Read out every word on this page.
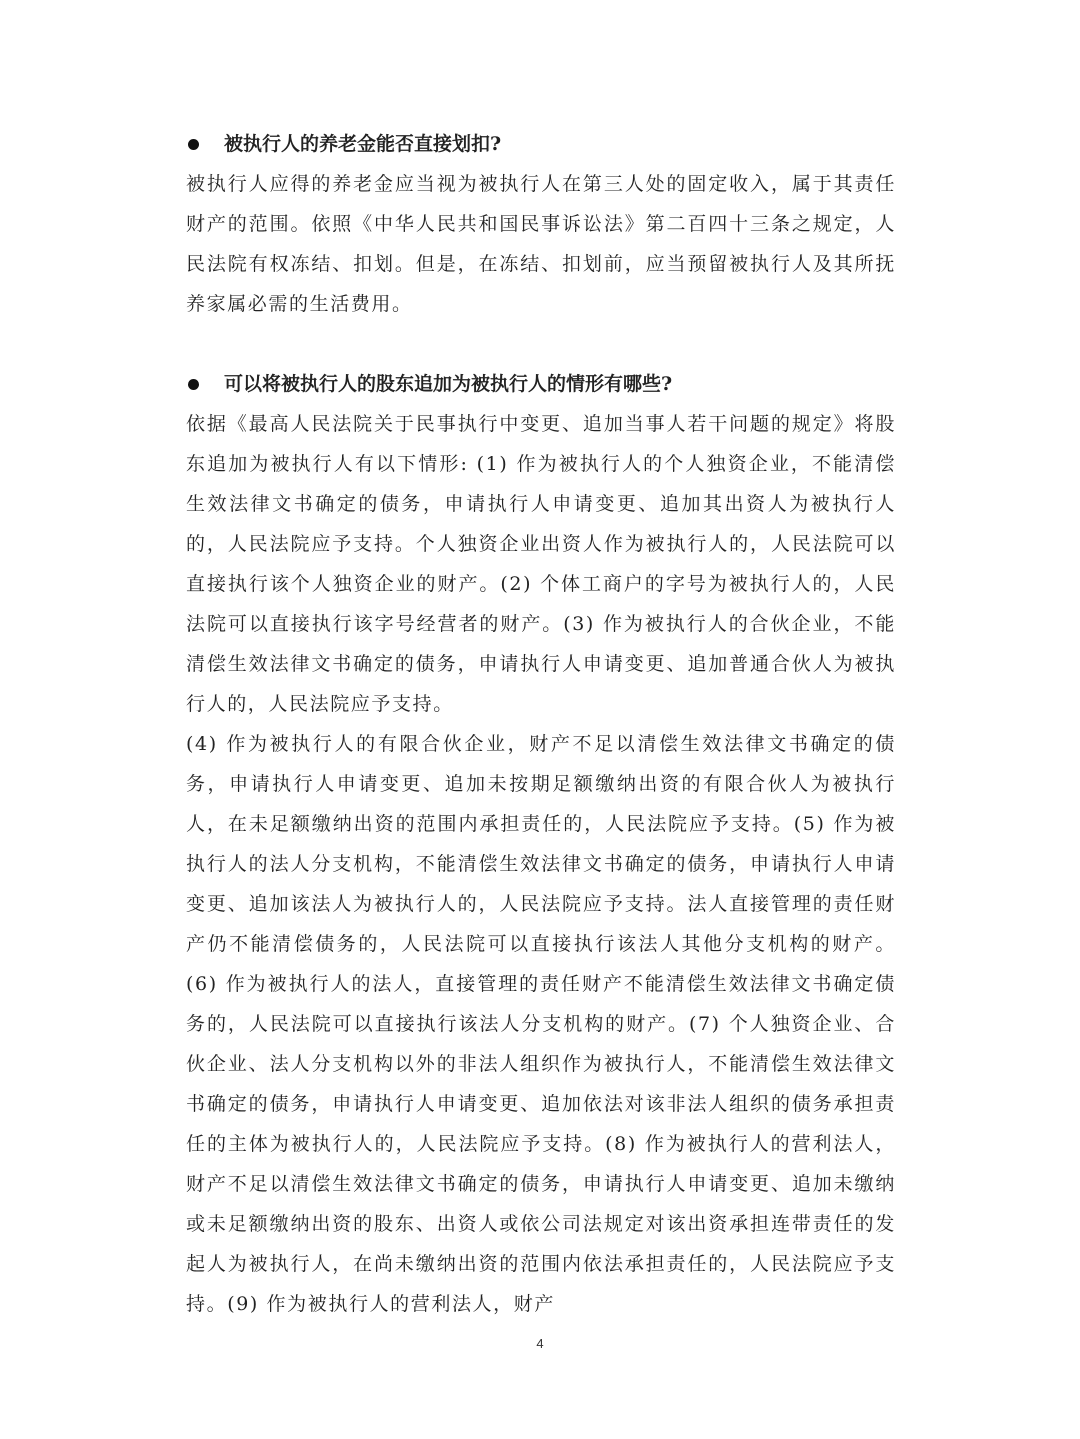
被执行人的养老金能否直接划扣?

被执行人应得的养老金应当视为被执行人在第三人处的固定收入，属于其责任财产的范围。依照《中华人民共和国民事诉讼法》第二百四十三条之规定，人民法院有权冻结、扣划。但是，在冻结、扣划前，应当预留被执行人及其所抚养家属必需的生活费用。

可以将被执行人的股东追加为被执行人的情形有哪些?

依据《最高人民法院关于民事执行中变更、追加当事人若干问题的规定》将股东追加为被执行人有以下情形: (1) 作为被执行人的个人独资企业，不能清偿生效法律文书确定的债务，申请执行人申请变更、追加其出资人为被执行人的，人民法院应予支持。个人独资企业出资人作为被执行人的，人民法院可以直接执行该个人独资企业的财产。(2) 个体工商户的字号为被执行人的，人民法院可以直接执行该字号经营者的财产。(3) 作为被执行人的合伙企业，不能清偿生效法律文书确定的债务，申请执行人申请变更、追加普通合伙人为被执行人的，人民法院应予支持。

(4) 作为被执行人的有限合伙企业，财产不足以清偿生效法律文书确定的债务，申请执行人申请变更、追加未按期足额缴纳出资的有限合伙人为被执行人，在未足额缴纳出资的范围内承担责任的，人民法院应予支持。(5) 作为被执行人的法人分支机构，不能清偿生效法律文书确定的债务，申请执行人申请变更、追加该法人为被执行人的，人民法院应予支持。法人直接管理的责任财产仍不能清偿债务的，人民法院可以直接执行该法人其他分支机构的财产。(6) 作为被执行人的法人，直接管理的责任财产不能清偿生效法律文书确定债务的，人民法院可以直接执行该法人分支机构的财产。(7) 个人独资企业、合伙企业、法人分支机构以外的非法人组织作为被执行人，不能清偿生效法律文书确定的债务，申请执行人申请变更、追加依法对该非法人组织的债务承担责任的主体为被执行人的，人民法院应予支持。(8) 作为被执行人的营利法人，财产不足以清偿生效法律文书确定的债务，申请执行人申请变更、追加未缴纳或未足额缴纳出资的股东、出资人或依公司法规定对该出资承担连带责任的发起人为被执行人，在尚未缴纳出资的范围内依法承担责任的，人民法院应予支持。(9) 作为被执行人的营利法人，财产

4
